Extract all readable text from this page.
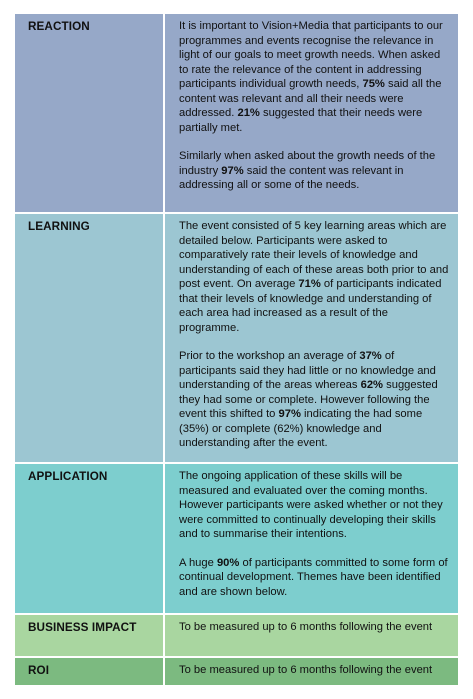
REACTION	It is important to Vision+Media that participants to our programmes and events recognise the relevance in light of our goals to meet growth needs. When asked to rate the relevance of the content in addressing participants individual growth needs, 75% said all the content was relevant and all their needs were addressed. 21% suggested that their needs were partially met.

Similarly when asked about the growth needs of the industry 97% said the content was relevant in addressing all or some of the needs.

LEARNING	The event consisted of 5 key learning areas which are detailed below. Participants were asked to comparatively rate their levels of knowledge and understanding of each of these areas both prior to and post event. On average 71% of participants indicated that their levels of knowledge and understanding of each area had increased as a result of the programme.

Prior to the workshop an average of 37% of participants said they had little or no knowledge and understanding of the areas whereas 62% suggested they had some or complete. However following the event this shifted to 97% indicating the had some (35%) or complete (62%) knowledge and understanding after the event.

APPLICATION	The ongoing application of these skills will be measured and evaluated over the coming months. However participants were asked whether or not they were committed to continually developing their skills and to summarise their intentions.

A huge 90% of participants committed to some form of continual development. Themes have been identified and are shown below.

BUSINESS IMPACT	To be measured up to 6 months following the event

ROI	To be measured up to 6 months following the event
